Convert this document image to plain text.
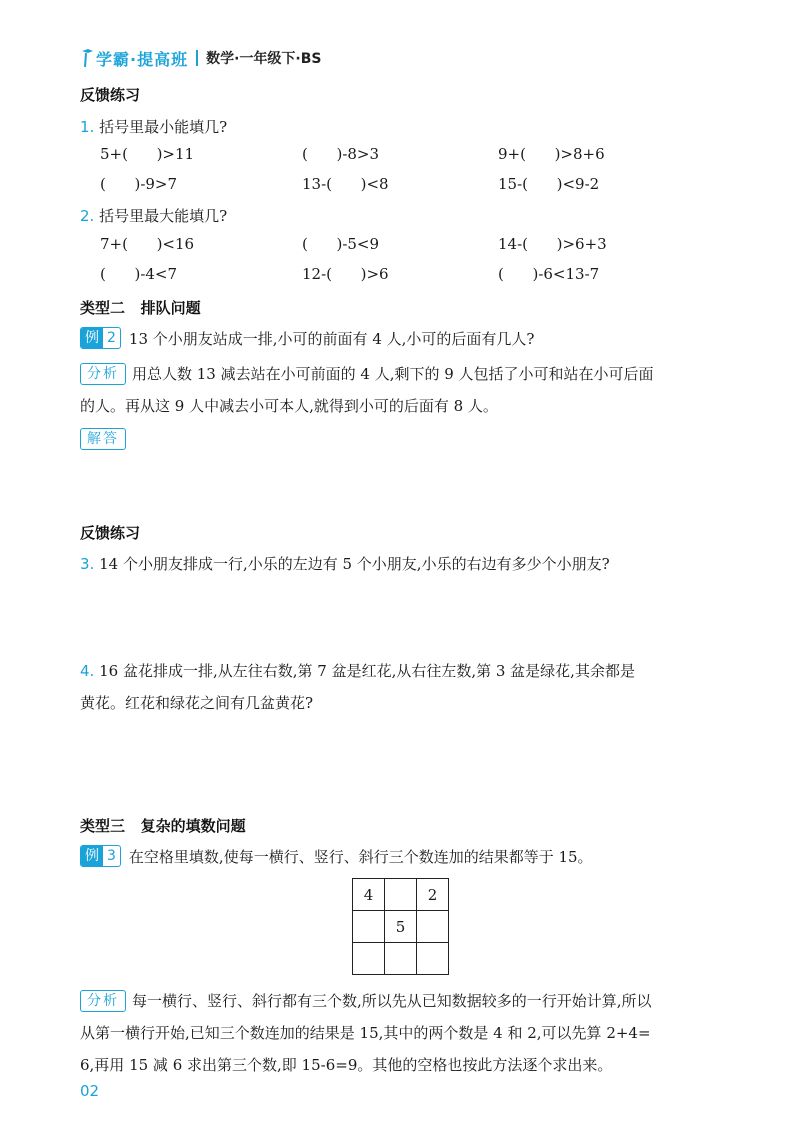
学霸·提高班 数学·一年级下·BS
反馈练习
1. 括号里最小能填几?
5+(      )>11	(      )-8>3	9+(      )>8+6
(      )-9>7	13-(      )<8	15-(      )<9-2
2. 括号里最大能填几?
7+(      )<16	(      )-5<9	14-(      )>6+3
(      )-4<7	12-(      )>6	(      )-6<13-7
类型二   排队问题
例 2 13 个小朋友站成一排,小可的前面有 4 人,小可的后面有几人?
分析 用总人数 13 减去站在小可前面的 4 人,剩下的 9 人包括了小可和站在小可后面
的人。再从这 9 人中减去小可本人,就得到小可的后面有 8 人。
解答
反馈练习
3. 14 个小朋友排成一行,小乐的左边有 5 个小朋友,小乐的右边有多少个小朋友?
4. 16 盆花排成一排,从左往右数,第 7 盆是红花,从右往左数,第 3 盆是绿花,其余都是
黄花。红花和绿花之间有几盆黄花?
类型三   复杂的填数问题
例 3 在空格里填数,使每一横行、竖行、斜行三个数连加的结果都等于 15。
4		2
	5	

分析 每一横行、竖行、斜行都有三个数,所以先从已知数据较多的一行开始计算,所以
从第一横行开始,已知三个数连加的结果是 15,其中的两个数是 4 和 2,可以先算 2+4=
6,再用 15 减 6 求出第三个数,即 15-6=9。其他的空格也按此方法逐个求出来。
02
